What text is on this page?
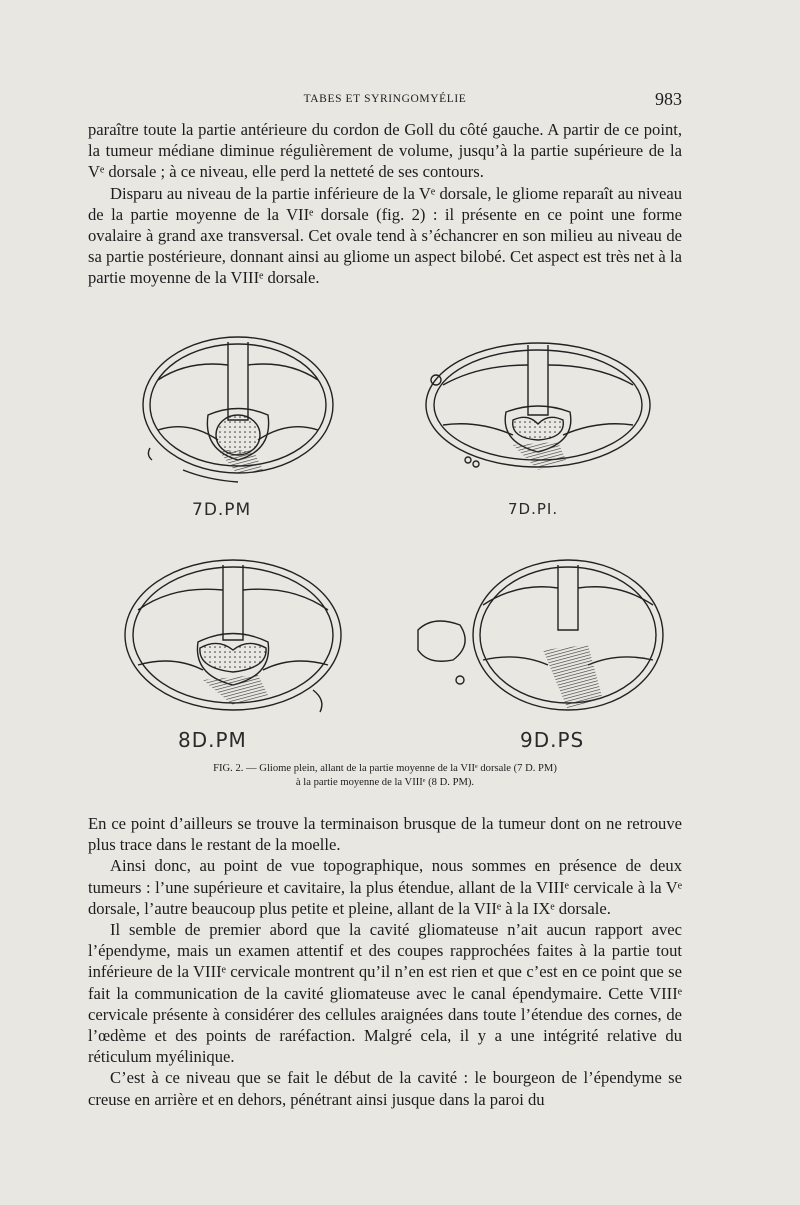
TABES ET SYRINGOMYÉLIE	983

paraître toute la partie antérieure du cordon de Goll du côté gauche. A partir de ce point, la tumeur médiane diminue régulièrement de volume, jusqu’à la partie supérieure de la Vᵉ dorsale ; à ce niveau, elle perd la netteté de ses contours.

Disparu au niveau de la partie inférieure de la Vᵉ dorsale, le gliome reparaît au niveau de la partie moyenne de la VIIᵉ dorsale (fig. 2) : il présente en ce point une forme ovalaire à grand axe transversal. Cet ovale tend à s’échancrer en son milieu au niveau de sa partie postérieure, donnant ainsi au gliome un aspect bilobé. Cet aspect est très net à la partie moyenne de la VIIIᵉ dorsale.

7D.PM	7D.PI.
8D.PM	9D.PS
FIG. 2. — Gliome plein, allant de la partie moyenne de la VIIᵉ dorsale (7 D. PM)
à la partie moyenne de la VIIIᵉ (8 D. PM).

En ce point d’ailleurs se trouve la terminaison brusque de la tumeur dont on ne retrouve plus trace dans le restant de la moelle.

Ainsi donc, au point de vue topographique, nous sommes en présence de deux tumeurs : l’une supérieure et cavitaire, la plus étendue, allant de la VIIIᵉ cervicale à la Vᵉ dorsale, l’autre beaucoup plus petite et pleine, allant de la VIIᵉ à la IXᵉ dorsale.

Il semble de premier abord que la cavité gliomateuse n’ait aucun rapport avec l’épendyme, mais un examen attentif et des coupes rapprochées faites à la partie tout inférieure de la VIIIᵉ cervicale montrent qu’il n’en est rien et que c’est en ce point que se fait la communication de la cavité gliomateuse avec le canal épendymaire. Cette VIIIᵉ cervicale présente à considérer des cellules araignées dans toute l’étendue des cornes, de l’œdème et des points de raréfaction. Malgré cela, il y a une intégrité relative du réticulum myélinique.

C’est à ce niveau que se fait le début de la cavité : le bourgeon de l’épendyme se creuse en arrière et en dehors, pénétrant ainsi jusque dans la paroi du
